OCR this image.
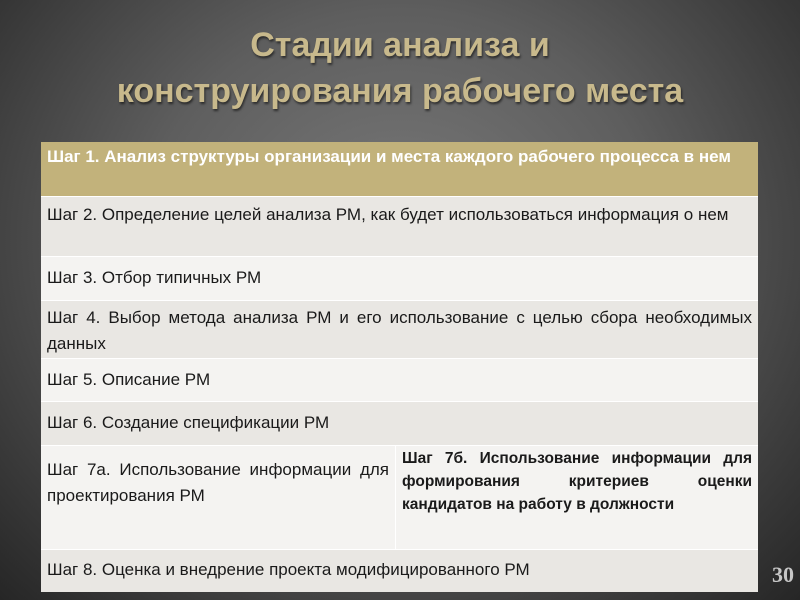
Стадии анализа и
конструирования рабочего места
Шаг 1. Анализ структуры организации и места каждого рабочего процесса в нем
Шаг 2. Определение целей анализа РМ, как будет использоваться информация о нем
Шаг 3. Отбор типичных РМ
Шаг 4. Выбор метода анализа РМ и его использование с целью сбора необходимых данных
Шаг 5. Описание РМ
Шаг 6. Создание спецификации РМ
Шаг 7а. Использование информации для проектирования РМ
Шаг 7б. Использование информации для формирования критериев оценки кандидатов на работу в должности
Шаг 8. Оценка и внедрение проекта модифицированного РМ	30
